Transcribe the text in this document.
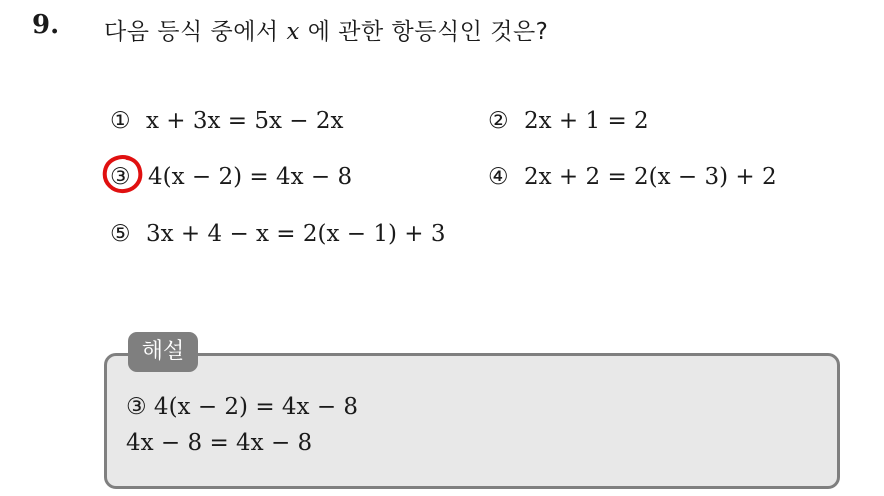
9. 다음 등식 중에서 x 에 관한 항등식인 것은?
① x + 3x = 5x − 2x	② 2x + 1 = 2
③ 4(x − 2) = 4x − 8	④ 2x + 2 = 2(x − 3) + 2
⑤ 3x + 4 − x = 2(x − 1) + 3
해설
③ 4(x − 2) = 4x − 8
4x − 8 = 4x − 8
